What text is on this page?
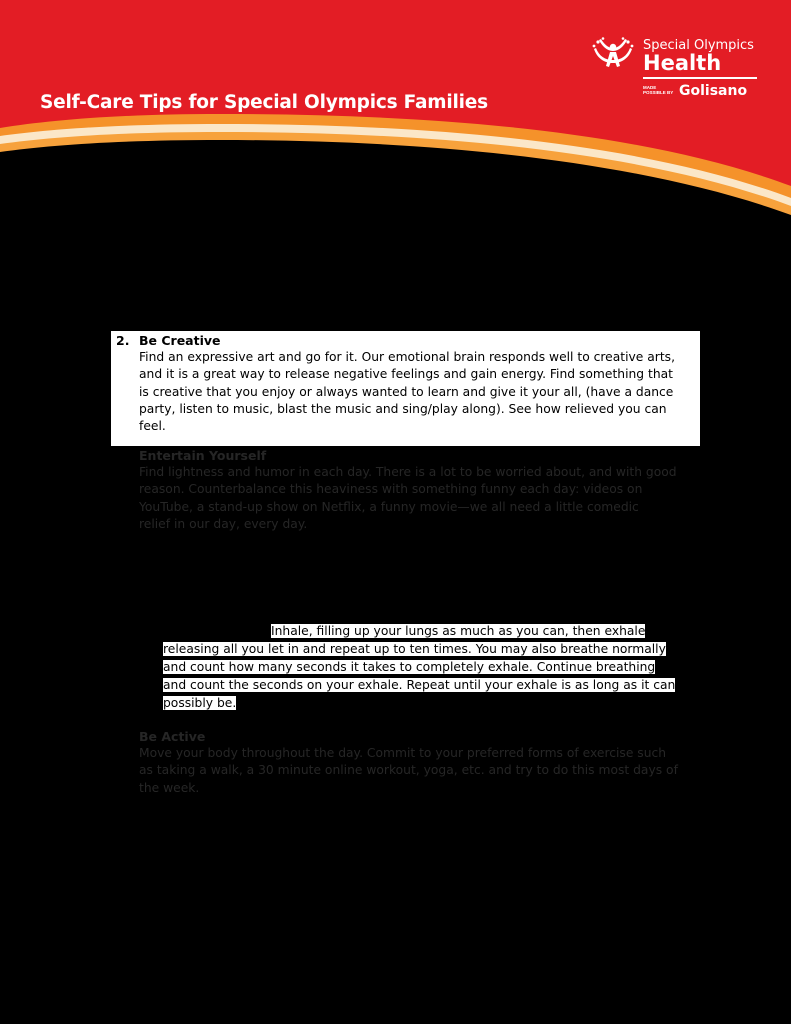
Self-Care Tips for Special Olympics Families
Special Olympics
Health
MADE POSSIBLE BY Golisano
2. Be Creative

Find an expressive art and go for it. Our emotional brain responds well to creative arts,

and it is a great way to release negative feelings and gain energy. Find something that

is creative that you enjoy or always wanted to learn and give it your all, (have a dance

party, listen to music, blast the music and sing/play along). See how relieved you can

feel.

Entertain Yourself

Find lightness and humor in each day. There is a lot to be worried about, and with good

reason. Counterbalance this heaviness with something funny each day: videos on

YouTube, a stand-up show on Netflix, a funny movie—we all need a little comedic

relief in our day, every day.

Inhale, filling up your lungs as much as you can, then exhale
releasing all you let in and repeat up to ten times. You may also breathe normally
and count how many seconds it takes to completely exhale. Continue breathing
and count the seconds on your exhale. Repeat until your exhale is as long as it can
possibly be.
Be Active

Move your body throughout the day. Commit to your preferred forms of exercise such

as taking a walk, a 30 minute online workout, yoga, etc. and try to do this most days of

the week.
